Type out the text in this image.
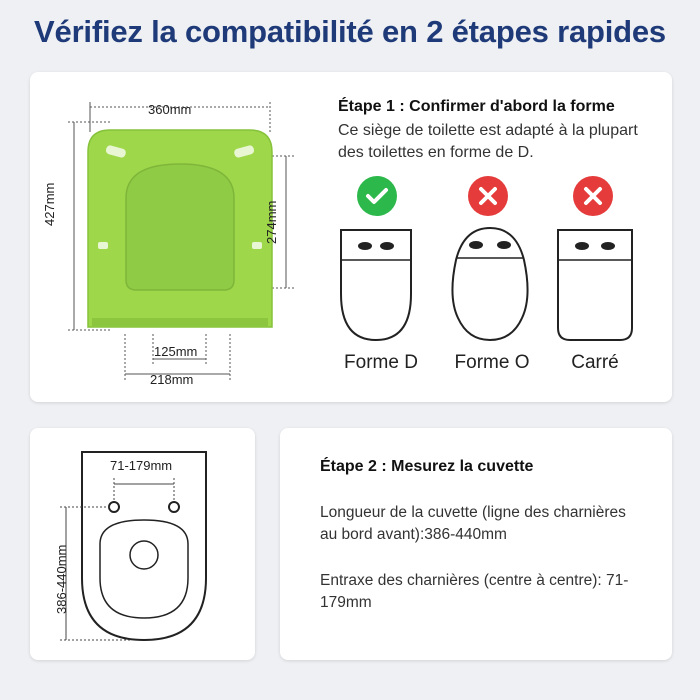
Vérifiez la compatibilité en 2 étapes rapides
360mm
427mm	274mm
125mm
218mm
Étape 1 : Confirmer d'abord la forme
Ce siège de toilette est adapté à la plupart des toilettes en forme de D.
Forme D	Forme O	Carré
71-179mm
386-440mm
Étape 2 : Mesurez la cuvette
Longueur de la cuvette (ligne des charnières au bord avant):386-440mm
Entraxe des charnières (centre à centre): 71-179mm
